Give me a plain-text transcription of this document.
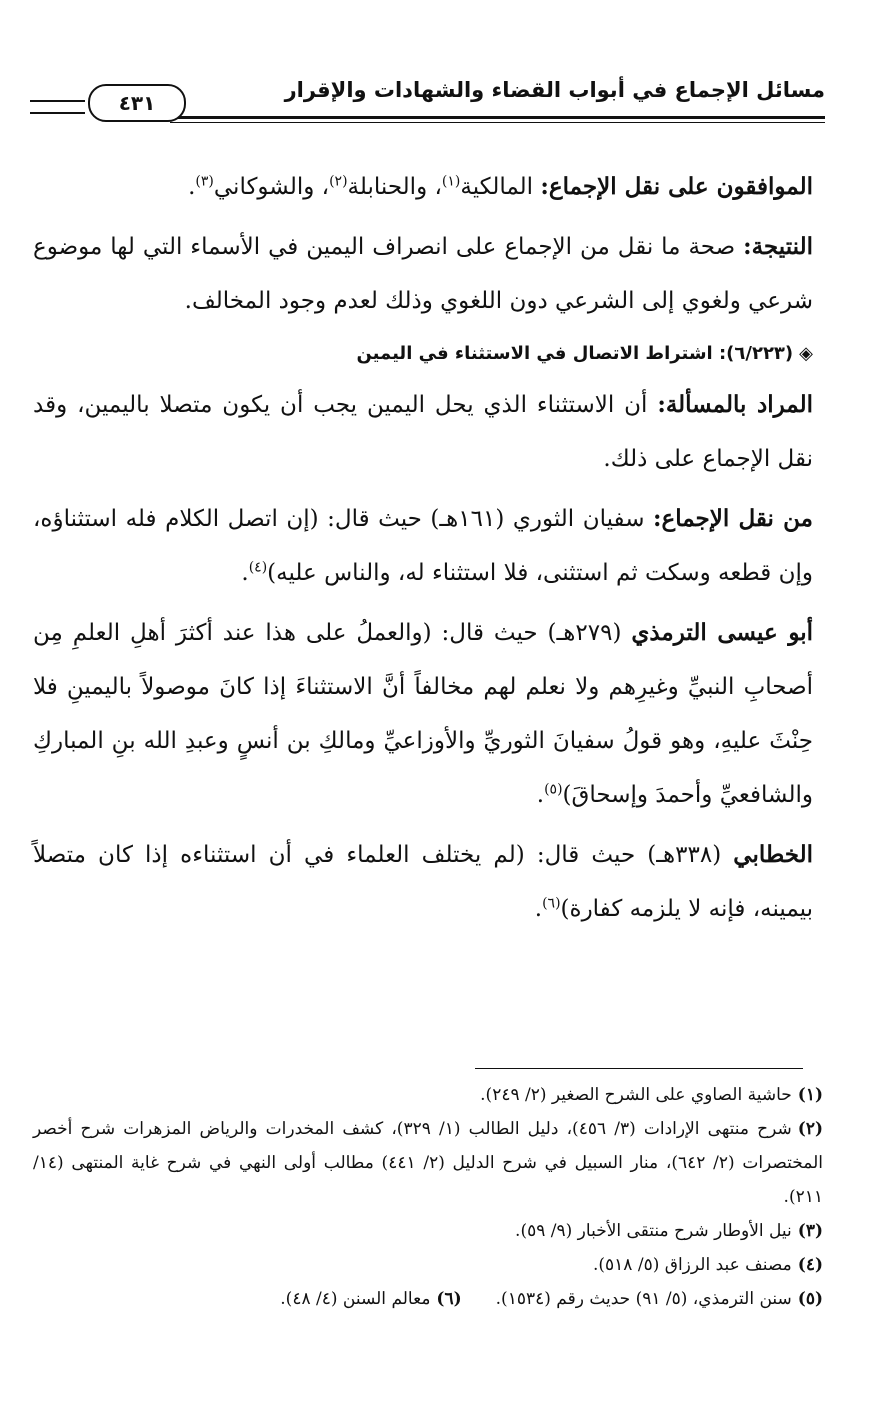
مسائل الإجماع في أبواب القضاء والشهادات والإقرار
٤٣١

الموافقون على نقل الإجماع: المالكية$^{(١)}$، والحنابلة$^{(٢)}$، والشوكاني$^{(٣)}$.

النتيجة: صحة ما نقل من الإجماع على انصراف اليمين في الأسماء التي لها موضوع شرعي ولغوي إلى الشرعي دون اللغوي وذلك لعدم وجود المخالف.

◈(٦/٢٢٣): اشتراط الاتصال في الاستثناء في اليمين

المراد بالمسألة: أن الاستثناء الذي يحل اليمين يجب أن يكون متصلا باليمين، وقد نقل الإجماع على ذلك.

من نقل الإجماع: سفيان الثوري (١٦١هـ) حيث قال: (إن اتصل الكلام فله استثناؤه، وإن قطعه وسكت ثم استثنى، فلا استثناء له، والناس عليه)$^{(٤)}$.

أبو عيسى الترمذي (٢٧٩هـ) حيث قال: (والعملُ على هذا عند أكثرَ أهلِ العلمِ مِن أصحابِ النبيِّ وغيرِهم ولا نعلم لهم مخالفاً أنَّ الاستثناءَ إذا كانَ موصولاً باليمينِ فلا حِنْثَ عليهِ، وهو قولُ سفيانَ الثوريِّ والأوزاعيِّ ومالكِ بن أنسٍ وعبدِ الله بنِ المباركِ والشافعيِّ وأحمدَ وإسحاقَ)$^{(٥)}$.

الخطابي (٣٣٨هـ) حيث قال: (لم يختلف العلماء في أن استثناءه إذا كان متصلاً بيمينه، فإنه لا يلزمه كفارة)$^{(٦)}$.

(١)حاشية الصاوي على الشرح الصغير (٢/ ٢٤٩).

(٢)شرح منتهى الإرادات (٣/ ٤٥٦)، دليل الطالب (١/ ٣٢٩)، كشف المخدرات والرياض المزهرات شرح أخصر المختصرات (٢/ ٦٤٢)، منار السبيل في شرح الدليل (٢/ ٤٤١) مطالب أولى النهي في شرح غاية المنتهى (١٤/ ٢١١).

(٣)نيل الأوطار شرح منتقى الأخبار (٩/ ٥٩).

(٤)مصنف عبد الرزاق (٥/ ٥١٨).

(٥)سنن الترمذي، (٥/ ٩١) حديث رقم (١٥٣٤).(٦)معالم السنن (٤/ ٤٨).
